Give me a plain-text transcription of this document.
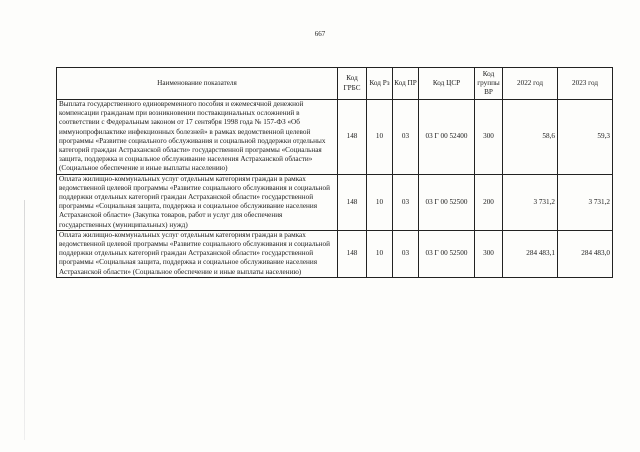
667
Наименование показателя	Код ГРБС	Код Рз	Код ПР	Код ЦСР	Код группы ВР	2022 год	2023 год
Выплата государственного единовременного пособия и ежемесячной денежной компенсации гражданам при возникновении поствакцинальных осложнений в соответствии с Федеральным законом от 17 сентября 1998 года № 157-ФЗ «Об иммунопрофилактике инфекционных болезней» в рамках ведомственной целевой программы «Развитие социального обслуживания и социальной поддержки отдельных категорий граждан Астраханской области» государственной программы «Социальная защита, поддержка и социальное обслуживание населения Астраханской области» (Социальное обеспечение и иные выплаты населению)	148	10	03	03 Г 00 52400	300	58,6	59,3
Оплата жилищно-коммунальных услуг отдельным категориям граждан в рамках ведомственной целевой программы «Развитие социального обслуживания и социальной поддержки отдельных категорий граждан Астраханской области» государственной программы «Социальная защита, поддержка и социальное обслуживание населения Астраханской области» (Закупка товаров, работ и услуг для обеспечения государственных (муниципальных) нужд)	148	10	03	03 Г 00 52500	200	3 731,2	3 731,2
Оплата жилищно-коммунальных услуг отдельным категориям граждан в рамках ведомственной целевой программы «Развитие социального обслуживания и социальной поддержки отдельных категорий граждан Астраханской области» государственной программы «Социальная защита, поддержка и социальное обслуживание населения Астраханской области» (Социальное обеспечение и иные выплаты населению)	148	10	03	03 Г 00 52500	300	284 483,1	284 483,0
